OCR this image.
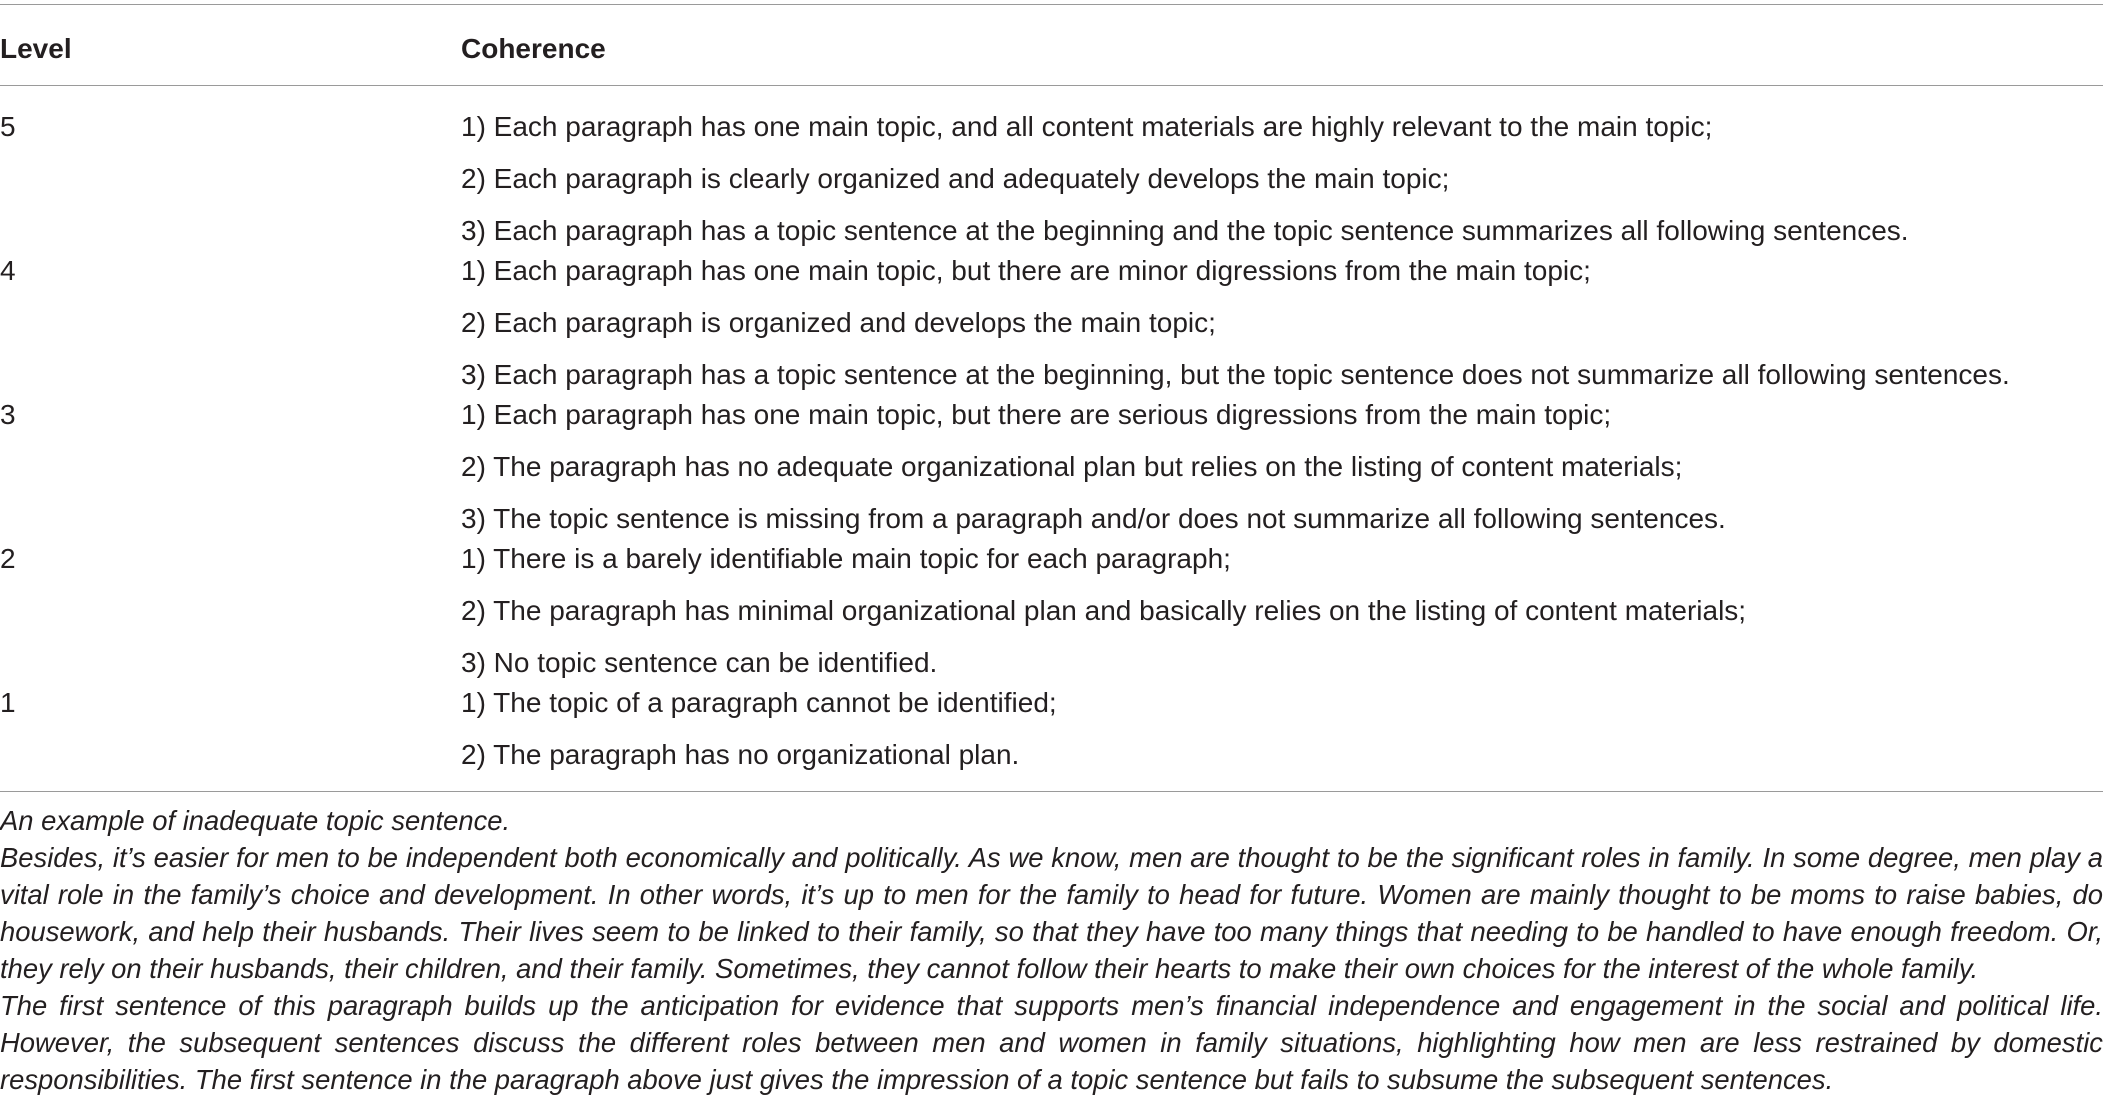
Level	Coherence
5	1) Each paragraph has one main topic, and all content materials are highly relevant to the main topic;
2) Each paragraph is clearly organized and adequately develops the main topic;
3) Each paragraph has a topic sentence at the beginning and the topic sentence summarizes all following sentences.
4	1) Each paragraph has one main topic, but there are minor digressions from the main topic;
2) Each paragraph is organized and develops the main topic;
3) Each paragraph has a topic sentence at the beginning, but the topic sentence does not summarize all following sentences.
3	1) Each paragraph has one main topic, but there are serious digressions from the main topic;
2) The paragraph has no adequate organizational plan but relies on the listing of content materials;
3) The topic sentence is missing from a paragraph and/or does not summarize all following sentences.
2	1) There is a barely identifiable main topic for each paragraph;
2) The paragraph has minimal organizational plan and basically relies on the listing of content materials;
3) No topic sentence can be identified.
1	1) The topic of a paragraph cannot be identified;
2) The paragraph has no organizational plan.

An example of inadequate topic sentence.

Besides, it’s easier for men to be independent both economically and politically. As we know, men are thought to be the significant roles in family. In some degree, men play a vital role in the family’s choice and development. In other words, it’s up to men for the family to head for future. Women are mainly thought to be moms to raise babies, do housework, and help their husbands. Their lives seem to be linked to their family, so that they have too many things that needing to be handled to have enough freedom. Or, they rely on their husbands, their children, and their family. Sometimes, they cannot follow their hearts to make their own choices for the interest of the whole family.

The first sentence of this paragraph builds up the anticipation for evidence that supports men’s financial independence and engagement in the social and political life. However, the subsequent sentences discuss the different roles between men and women in family situations, highlighting how men are less restrained by domestic responsibilities. The first sentence in the paragraph above just gives the impression of a topic sentence but fails to subsume the subsequent sentences.
